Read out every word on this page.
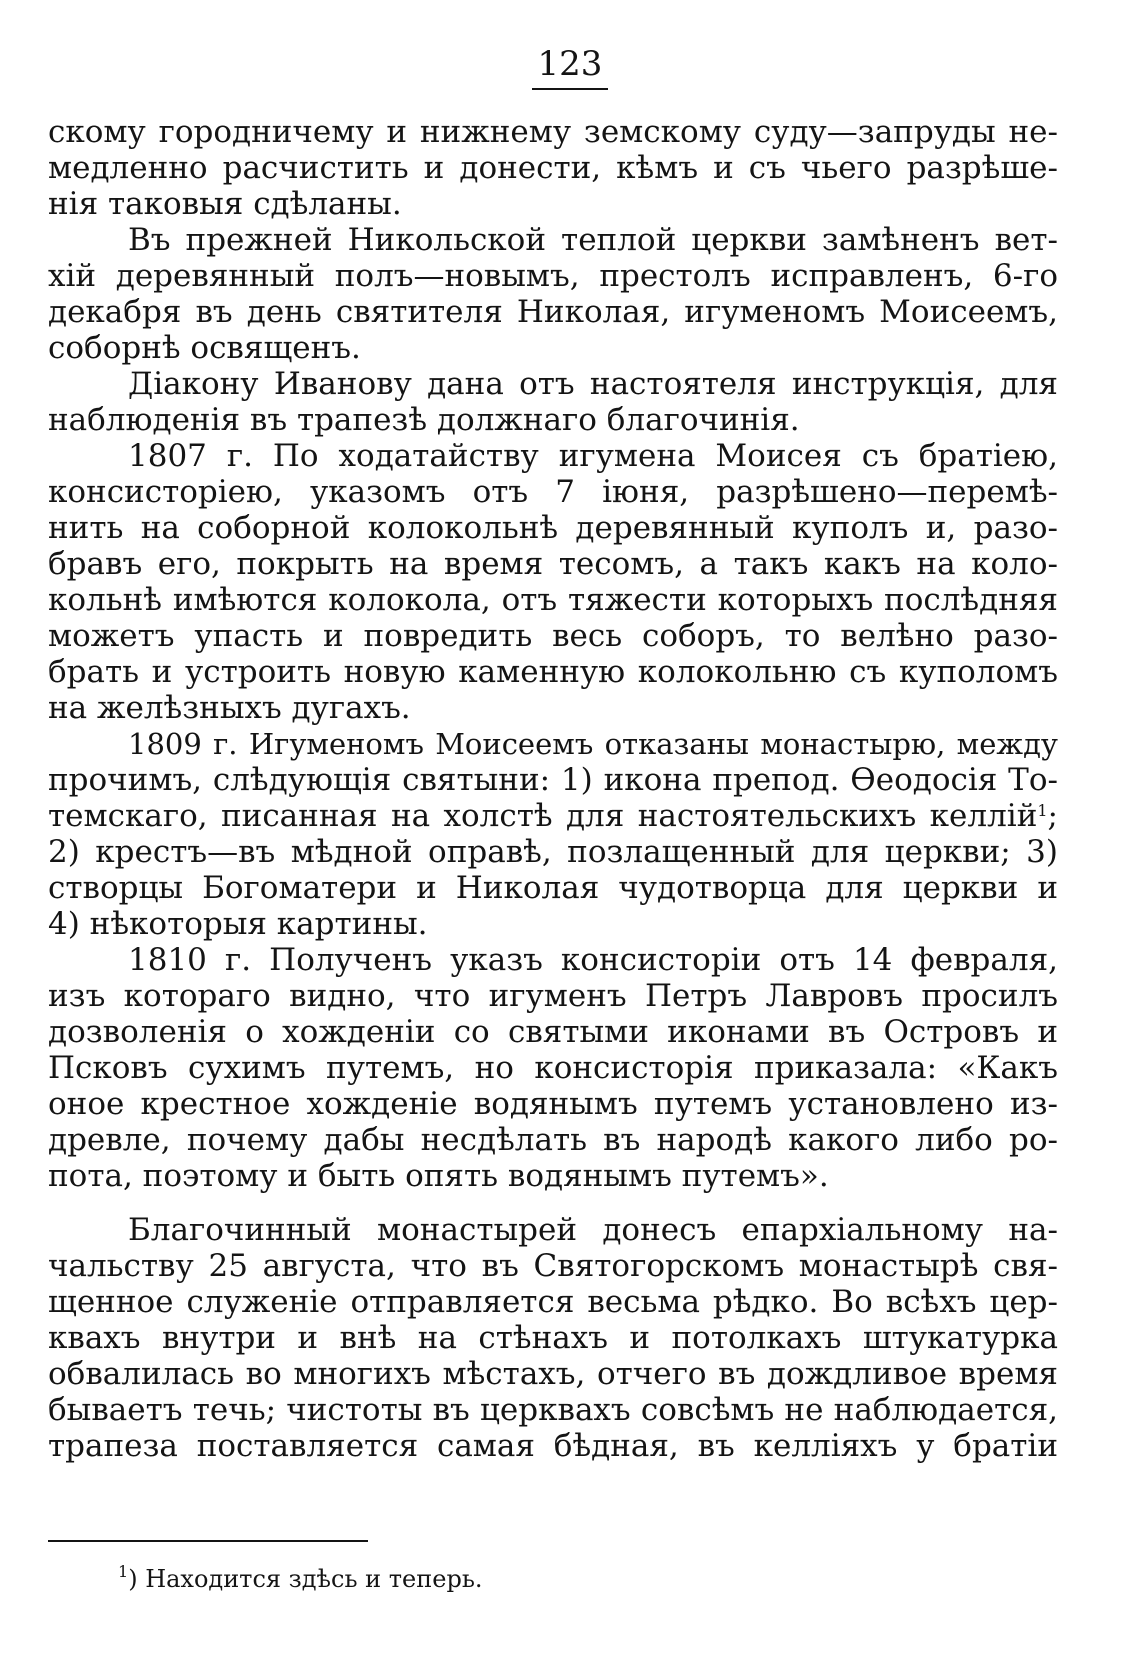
123
скому городничему и нижнему земскому суду—запруды не-
медленно расчистить и донести, кѣмъ и съ чьего разрѣше-
нія таковыя сдѣланы.
Въ прежней Никольской теплой церкви замѣненъ вет-
хій деревянный полъ—новымъ, престолъ исправленъ, 6-го
декабря въ день святителя Николая, игуменомъ Моисеемъ,
соборнѣ освященъ.
Діакону Иванову дана отъ настоятеля инструкція, для
наблюденія въ трапезѣ должнаго благочинія.
1807 г. По ходатайству игумена Моисея съ братіею,
консисторіею, указомъ отъ 7 іюня, разрѣшено—перемѣ-
нить на соборной колокольнѣ деревянный куполъ и, разо-
бравъ его, покрыть на время тесомъ, а такъ какъ на коло-
кольнѣ имѣются колокола, отъ тяжести которыхъ послѣдняя
можетъ упасть и повредить весь соборъ, то велѣно разо-
брать и устроить новую каменную колокольню съ куполомъ
на желѣзныхъ дугахъ.
1809 г. Игуменомъ Моисеемъ отказаны монастырю, между
прочимъ, слѣдующія святыни: 1) икона препод. Ѳеодосія То-
темскаго, писанная на холстѣ для настоятельскихъ келлій$^1$;
2) крестъ—въ мѣдной оправѣ, позлащенный для церкви; 3)
створцы Богоматери и Николая чудотворца для церкви и
4) нѣкоторыя картины.
1810 г. Полученъ указъ консисторіи отъ 14 февраля,
изъ котораго видно, что игуменъ Петръ Лавровъ просилъ
дозволенія о хожденіи со святыми иконами въ Островъ и
Псковъ сухимъ путемъ, но консисторія приказала: «Какъ
оное крестное хожденіе водянымъ путемъ установлено из-
древле, почему дабы несдѣлать въ народѣ какого либо ро-
пота, поэтому и быть опять водянымъ путемъ».
Благочинный монастырей донесъ епархіальному на-
чальству 25 августа, что въ Святогорскомъ монастырѣ свя-
щенное служеніе отправляется весьма рѣдко. Во всѣхъ цер-
квахъ внутри и внѣ на стѣнахъ и потолкахъ штукатурка
обвалилась во многихъ мѣстахъ, отчего въ дождливое время
бываетъ течь; чистоты въ церквахъ совсѣмъ не наблюдается,
трапеза поставляется самая бѣдная, въ келліяхъ у братіи
$^1$) Находится здѣсь и теперь.
